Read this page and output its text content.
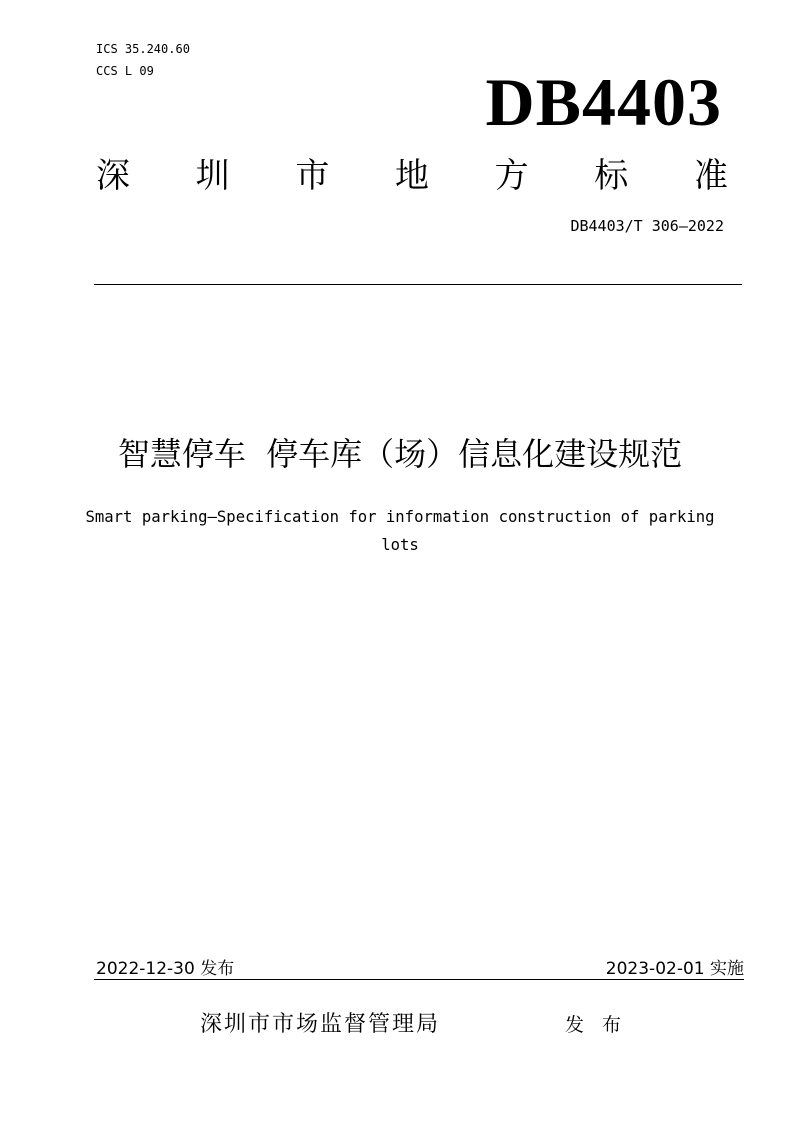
ICS 35.240.60
CCS L 09	DB4403
深 圳 市 地 方 标 准
DB4403/T 306—2022
智慧停车  停车库（场）信息化建设规范
Smart parking—Specification for information construction of parking lots
2022-12-30 发布	2023-02-01 实施
深圳市市场监督管理局	发 布
